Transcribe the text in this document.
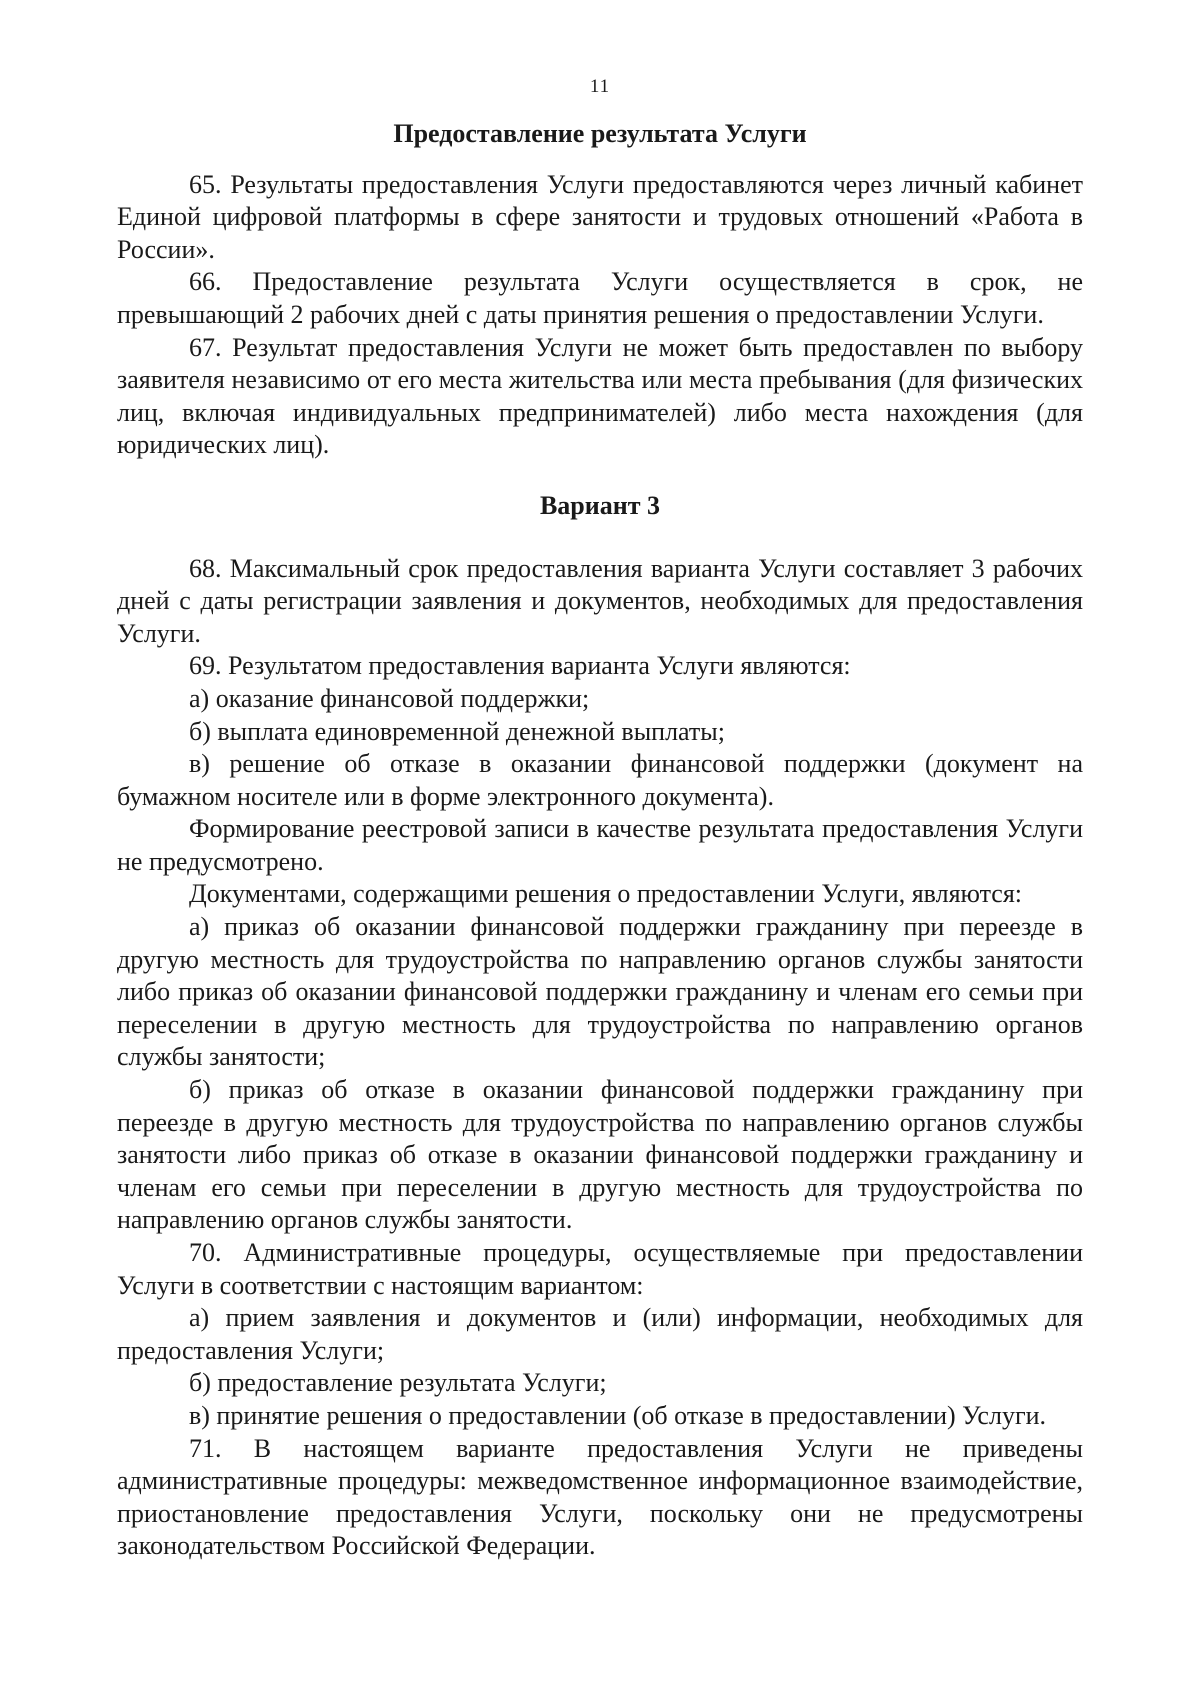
11
Предоставление результата Услуги

65. Результаты предоставления Услуги предоставляются через личный кабинет Единой цифровой платформы в сфере занятости и трудовых отношений «Работа в России».

66. Предоставление результата Услуги осуществляется в срок, не превышающий 2 рабочих дней с даты принятия решения о предоставлении Услуги.

67. Результат предоставления Услуги не может быть предоставлен по выбору заявителя независимо от его места жительства или места пребывания (для физических лиц, включая индивидуальных предпринимателей) либо места нахождения (для юридических лиц).

Вариант 3

68. Максимальный срок предоставления варианта Услуги составляет 3 рабочих дней с даты регистрации заявления и документов, необходимых для предоставления Услуги.

69. Результатом предоставления варианта Услуги являются:

а) оказание финансовой поддержки;

б) выплата единовременной денежной выплаты;

в) решение об отказе в оказании финансовой поддержки (документ на бумажном носителе или в форме электронного документа).

Формирование реестровой записи в качестве результата предоставления Услуги не предусмотрено.

Документами, содержащими решения о предоставлении Услуги, являются:

а) приказ об оказании финансовой поддержки гражданину при переезде в другую местность для трудоустройства по направлению органов службы занятости либо приказ об оказании финансовой поддержки гражданину и членам его семьи при переселении в другую местность для трудоустройства по направлению органов службы занятости;

б) приказ об отказе в оказании финансовой поддержки гражданину при переезде в другую местность для трудоустройства по направлению органов службы занятости либо приказ об отказе в оказании финансовой поддержки гражданину и членам его семьи при переселении в другую местность для трудоустройства по направлению органов службы занятости.

70. Административные процедуры, осуществляемые при предоставлении Услуги в соответствии с настоящим вариантом:

а) прием заявления и документов и (или) информации, необходимых для предоставления Услуги;

б) предоставление результата Услуги;

в) принятие решения о предоставлении (об отказе в предоставлении) Услуги.

71. В настоящем варианте предоставления Услуги не приведены административные процедуры: межведомственное информационное взаимодействие, приостановление предоставления Услуги, поскольку они не предусмотрены законодательством Российской Федерации.
